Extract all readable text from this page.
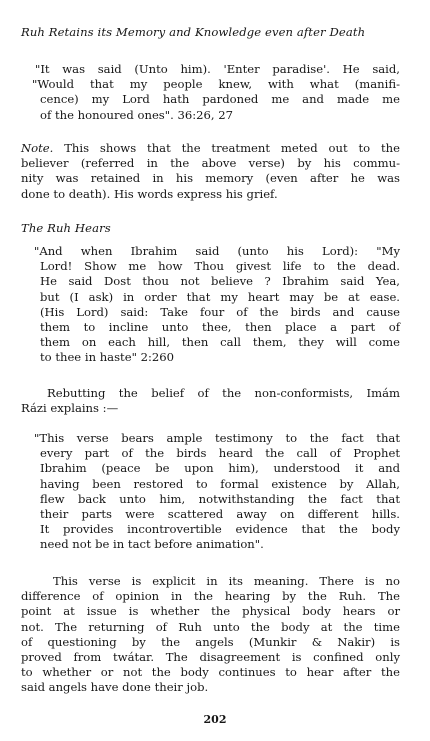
Ruh Retains its Memory and Knowledge even after Death
"It was said (Unto him). 'Enter paradise'. He said,
"Would that my people knew, with what (manifi-
cence) my Lord hath pardoned me and made me
of the honoured ones". 36:26, 27
Note. This shows that the treatment meted out to the
believer (referred in the above verse) by his commu-
nity was retained in his memory (even after he was
done to death). His words express his grief.
The Ruh Hears
"And when Ibrahim said (unto his Lord): "My
Lord! Show me how Thou givest life to the dead.
He said Dost thou not believe ? Ibrahim said Yea,
but (I ask) in order that my heart may be at ease.
(His Lord) said: Take four of the birds and cause
them to incline unto thee, then place a part of
them on each hill, then call them, they will come
to thee in haste" 2:260
Rebutting the belief of the non-conformists, Imám
Rázi explains :—
"This verse bears ample testimony to the fact that
every part of the birds heard the call of Prophet
Ibrahim (peace be upon him), understood it and
having been restored to formal existence by Allah,
flew back unto him, notwithstanding the fact that
their parts were scattered away on different hills.
It provides incontrovertible evidence that the body
need not be in tact before animation".
This verse is explicit in its meaning. There is no
difference of opinion in the hearing by the Ruh. The
point at issue is whether the physical body hears or
not. The returning of Ruh unto the body at the time
of questioning by the angels (Munkir & Nakir) is
proved from twátar. The disagreement is confined only
to whether or not the body continues to hear after the
said angels have done their job.
202
